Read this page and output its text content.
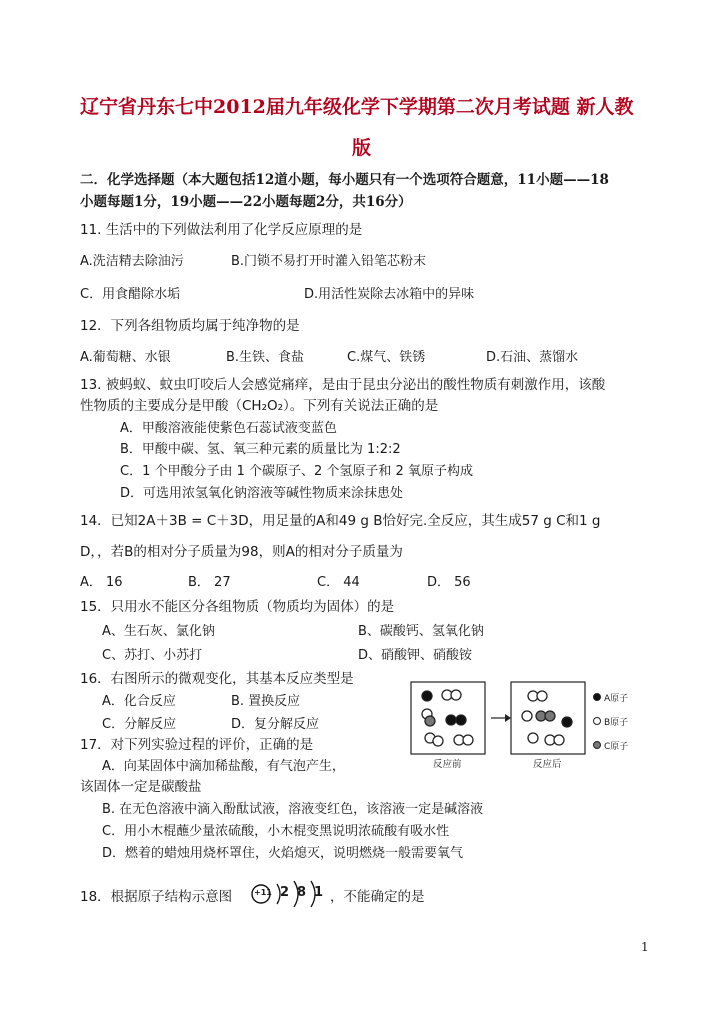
辽宁省丹东七中2012届九年级化学下学期第二次月考试题 新人教
版
二．化学选择题（本大题包括12道小题，每小题只有一个选项符合题意，11小题——18
小题每题1分，19小题——22小题每题2分，共16分）
11. 生活中的下列做法利用了化学反应原理的是
A.洗洁精去除油污	B.门锁不易打开时灌入铅笔芯粉末
C．用食醋除水垢	D.用活性炭除去冰箱中的异味
12．下列各组物质均属于纯净物的是
A.葡萄糖、水银	B.生铁、食盐	C.煤气、铁锈	D.石油、蒸馏水
13. 被蚂蚁、蚊虫叮咬后人会感觉痛痒，是由于昆虫分泌出的酸性物质有刺激作用，该酸
性物质的主要成分是甲酸（CH₂O₂）。下列有关说法正确的是
A．甲酸溶液能使紫色石蕊试液变蓝色
B．甲酸中碳、氢、氧三种元素的质量比为 1:2:2
C．1 个甲酸分子由 1 个碳原子、2 个氢原子和 2 氧原子构成
D．可选用浓氢氧化钠溶液等碱性物质来涂抹患处
14．已知2A＋3B = C＋3D，用足量的A和49 g B恰好完.全反应，其生成57 g C和1 g
D，，若B的相对分子质量为98，则A的相对分子质量为
A． 16	B． 27	C． 44	D． 56
15．只用水不能区分各组物质（物质均为固体）的是
A、生石灰、氯化钠	B、碳酸钙、氢氧化钠
C、苏打、小苏打	D、硝酸钾、硝酸铵
16．右图所示的微观变化，其基本反应类型是
A．化合反应	B. 置换反应
C．分解反应	D．复分解反应
A原子
B原子
C原子
反应前	反应后
17．对下列实验过程的评价，正确的是
A．向某固体中滴加稀盐酸，有气泡产生，
该固体一定是碳酸盐
B. 在无色溶液中滴入酚酞试液，溶液变红色，该溶液一定是碱溶液
C．用小木棍蘸少量浓硫酸，小木棍变黑说明浓硫酸有吸水性
D．燃着的蜡烛用烧杯罩住，火焰熄灭，说明燃烧一般需要氧气
18．根据原子结构示意图	+11 2 8 1 ，不能确定的是
1
